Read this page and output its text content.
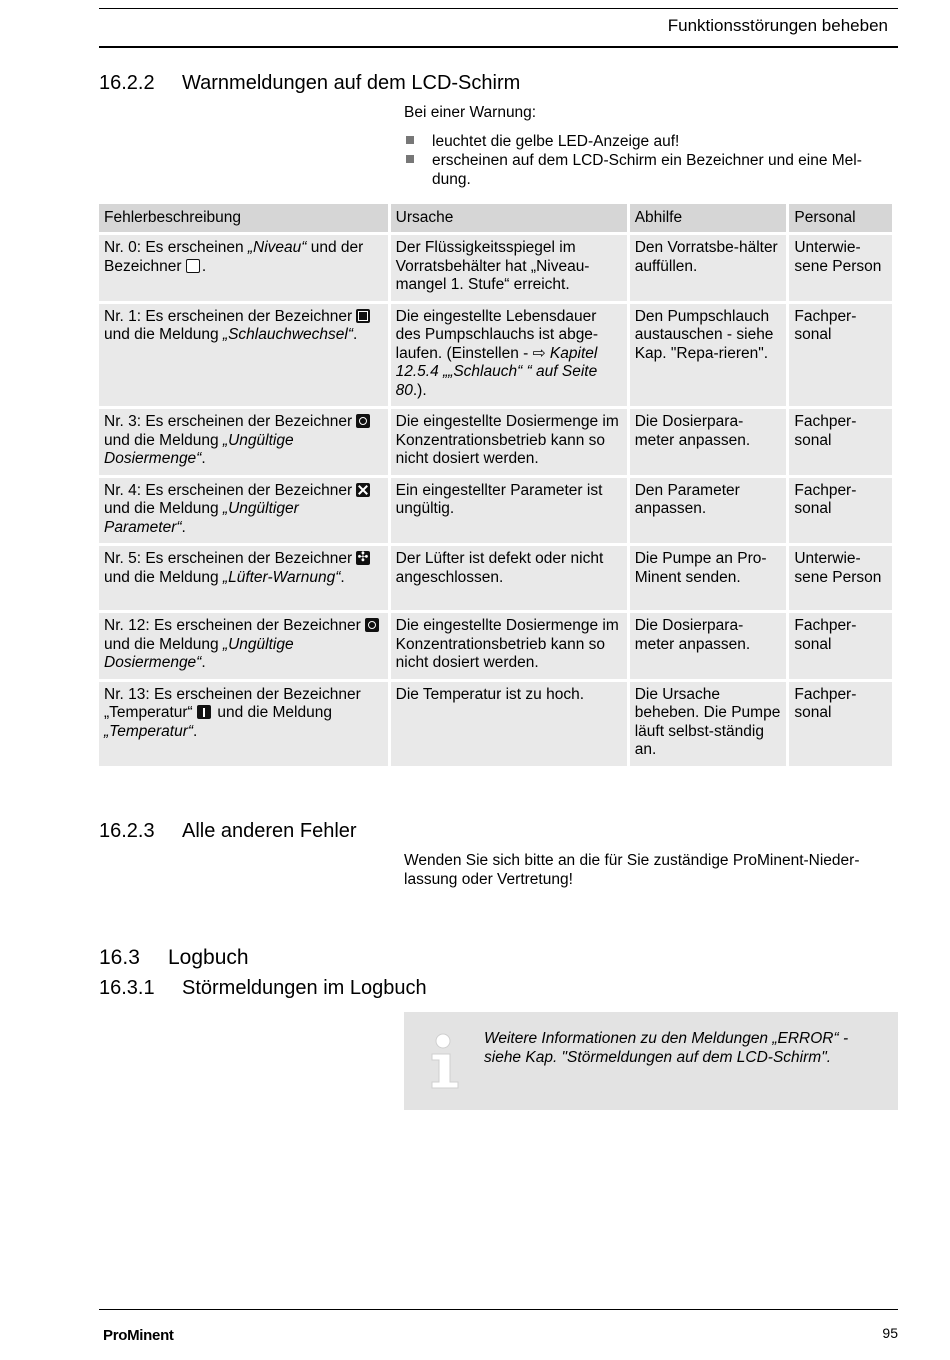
Funktionsstörungen beheben
16.2.2 Warnmeldungen auf dem LCD-Schirm
Bei einer Warnung:
leuchtet die gelbe LED-Anzeige auf!
erscheinen auf dem LCD-Schirm ein Bezeichner und eine Mel-dung.
Fehlerbeschreibung	Ursache	Abhilfe	Personal
Nr. 0: Es erscheinen „Niveau“ und der Bezeichner .	Der Flüssigkeitsspiegel im Vorratsbehälter hat „Niveau-mangel 1. Stufe“ erreicht.	Den Vorratsbe-hälter auffüllen.	Unterwie-sene Person
Nr. 1: Es erscheinen der Bezeichner  und die Meldung „Schlauchwechsel“.	Die eingestellte Lebensdauer des Pumpschlauchs ist abge-laufen. (Einstellen - ⇨ Kapitel 12.5.4 „„Schlauch“ “ auf Seite 80.).	Den Pumpschlauch austauschen - siehe Kap. "Repa-rieren".	Fachper-sonal
Nr. 3: Es erscheinen der Bezeichner  und die Meldung „Ungültige Dosiermenge“.	Die eingestellte Dosiermenge im Konzentrationsbetrieb kann so nicht dosiert werden.	Die Dosierpara-meter anpassen.	Fachper-sonal
Nr. 4: Es erscheinen der Bezeichner  und die Meldung „Ungültiger Parameter“.	Ein eingestellter Parameter ist ungültig.	Den Parameter anpassen.	Fachper-sonal
Nr. 5: Es erscheinen der Bezeichner ✣ und die Meldung „Lüfter-Warnung“.	Der Lüfter ist defekt oder nicht angeschlossen.	Die Pumpe an Pro-Minent senden.	Unterwie-sene Person
Nr. 12: Es erscheinen der Bezeichner  und die Meldung „Ungültige Dosiermenge“.	Die eingestellte Dosiermenge im Konzentrationsbetrieb kann so nicht dosiert werden.	Die Dosierpara-meter anpassen.	Fachper-sonal
Nr. 13: Es erscheinen der Bezeichner „Temperatur“  und die Meldung „Temperatur“.	Die Temperatur ist zu hoch.	Die Ursache beheben. Die Pumpe läuft selbst-ständig an.	Fachper-sonal
16.2.3 Alle anderen Fehler
Wenden Sie sich bitte an die für Sie zuständige ProMinent-Nieder-lassung oder Vertretung!
16.3 Logbuch
16.3.1 Störmeldungen im Logbuch
Weitere Informationen zu den Meldungen „ERROR“ - siehe Kap. "Störmeldungen auf dem LCD-Schirm".
ProMinent	95
